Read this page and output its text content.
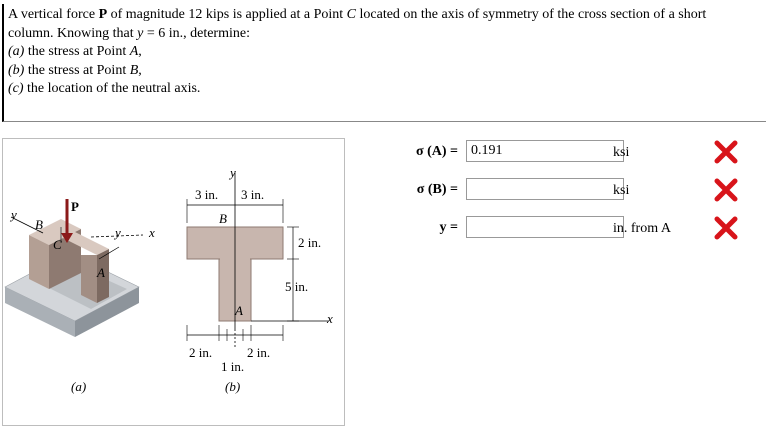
A vertical force P of magnitude 12 kips is applied at a Point C located on the axis of symmetry of the cross section of a short
column. Knowing that y = 6 in., determine:
(a) the stress at Point A,
(b) the stress at Point B,
(c) the location of the neutral axis.
y
P
B
C
A
y x
(a)
y
3 in. 3 in.
B
2 in.
5 in.
x
A
2 in.	2 in.
1 in.
(b)
σ (A) =
0.191	ksi
σ (B) =	ksi
y =	in. from A
